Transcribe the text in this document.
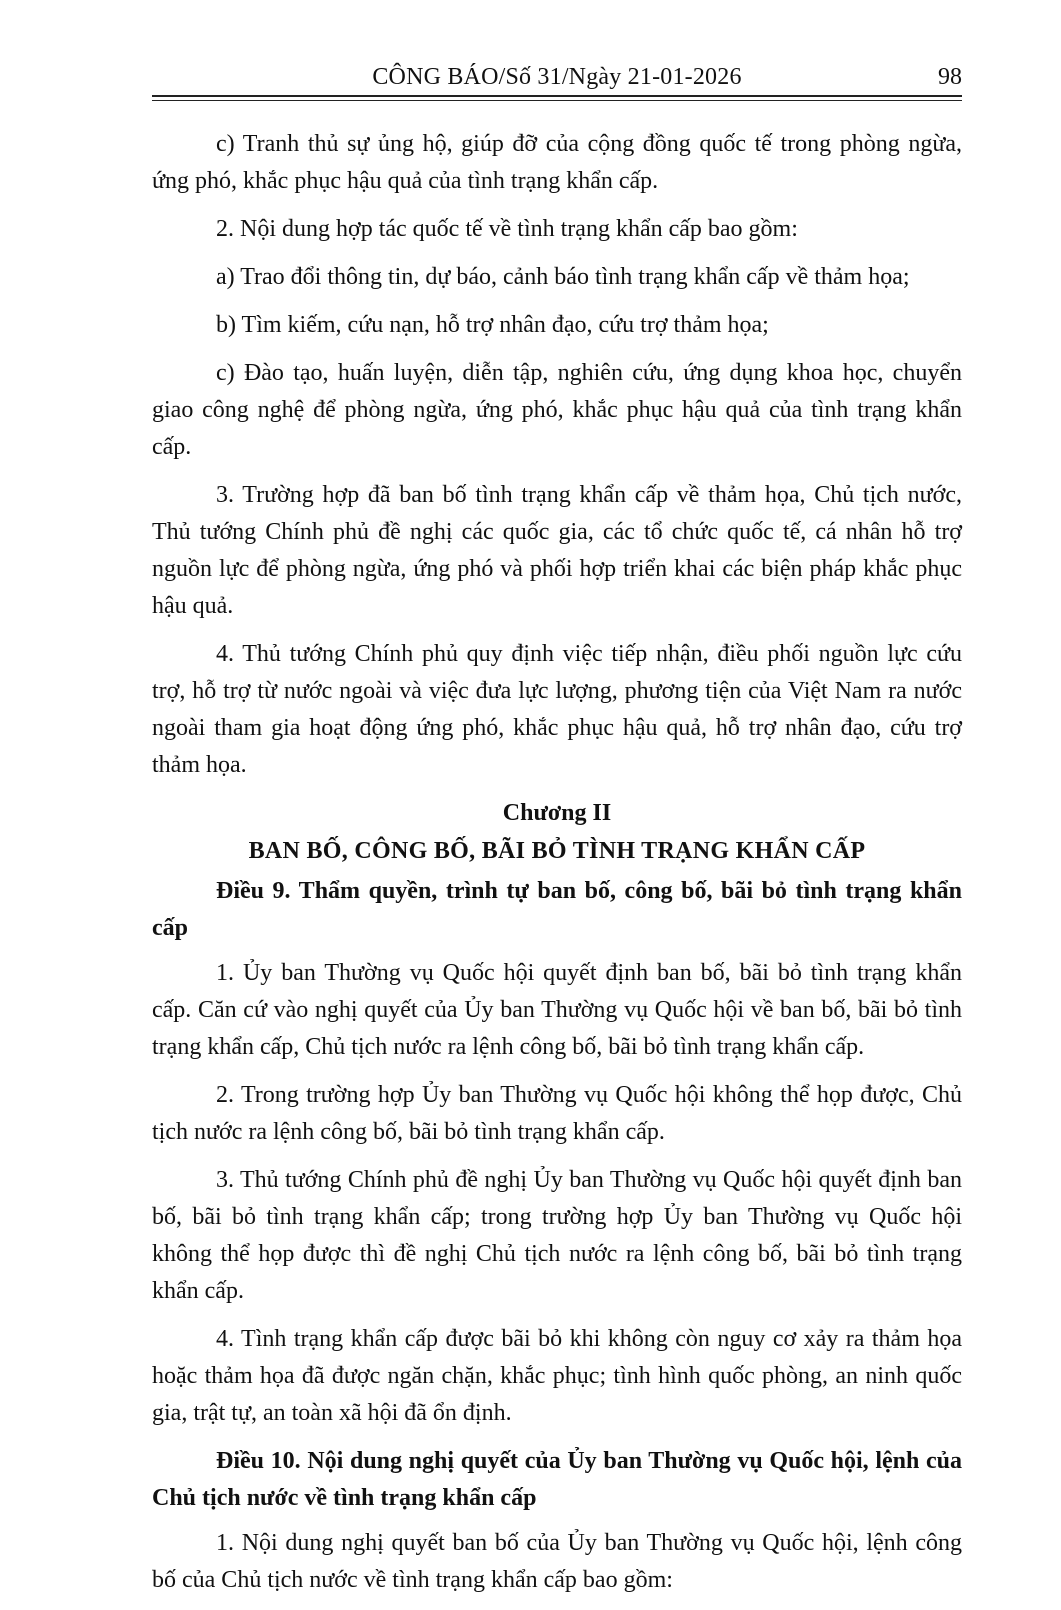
CÔNG BÁO/Số 31/Ngày 21-01-2026	98

c) Tranh thủ sự ủng hộ, giúp đỡ của cộng đồng quốc tế trong phòng ngừa, ứng phó, khắc phục hậu quả của tình trạng khẩn cấp.

2. Nội dung hợp tác quốc tế về tình trạng khẩn cấp bao gồm:

a) Trao đổi thông tin, dự báo, cảnh báo tình trạng khẩn cấp về thảm họa;

b) Tìm kiếm, cứu nạn, hỗ trợ nhân đạo, cứu trợ thảm họa;

c) Đào tạo, huấn luyện, diễn tập, nghiên cứu, ứng dụng khoa học, chuyển giao công nghệ để phòng ngừa, ứng phó, khắc phục hậu quả của tình trạng khẩn cấp.

3. Trường hợp đã ban bố tình trạng khẩn cấp về thảm họa, Chủ tịch nước, Thủ tướng Chính phủ đề nghị các quốc gia, các tổ chức quốc tế, cá nhân hỗ trợ nguồn lực để phòng ngừa, ứng phó và phối hợp triển khai các biện pháp khắc phục hậu quả.

4. Thủ tướng Chính phủ quy định việc tiếp nhận, điều phối nguồn lực cứu trợ, hỗ trợ từ nước ngoài và việc đưa lực lượng, phương tiện của Việt Nam ra nước ngoài tham gia hoạt động ứng phó, khắc phục hậu quả, hỗ trợ nhân đạo, cứu trợ thảm họa.

Chương II
BAN BỐ, CÔNG BỐ, BÃI BỎ TÌNH TRẠNG KHẨN CẤP
Điều 9. Thẩm quyền, trình tự ban bố, công bố, bãi bỏ tình trạng khẩn cấp

1. Ủy ban Thường vụ Quốc hội quyết định ban bố, bãi bỏ tình trạng khẩn cấp. Căn cứ vào nghị quyết của Ủy ban Thường vụ Quốc hội về ban bố, bãi bỏ tình trạng khẩn cấp, Chủ tịch nước ra lệnh công bố, bãi bỏ tình trạng khẩn cấp.

2. Trong trường hợp Ủy ban Thường vụ Quốc hội không thể họp được, Chủ tịch nước ra lệnh công bố, bãi bỏ tình trạng khẩn cấp.

3. Thủ tướng Chính phủ đề nghị Ủy ban Thường vụ Quốc hội quyết định ban bố, bãi bỏ tình trạng khẩn cấp; trong trường hợp Ủy ban Thường vụ Quốc hội không thể họp được thì đề nghị Chủ tịch nước ra lệnh công bố, bãi bỏ tình trạng khẩn cấp.

4. Tình trạng khẩn cấp được bãi bỏ khi không còn nguy cơ xảy ra thảm họa hoặc thảm họa đã được ngăn chặn, khắc phục; tình hình quốc phòng, an ninh quốc gia, trật tự, an toàn xã hội đã ổn định.

Điều 10. Nội dung nghị quyết của Ủy ban Thường vụ Quốc hội, lệnh của Chủ tịch nước về tình trạng khẩn cấp

1. Nội dung nghị quyết ban bố của Ủy ban Thường vụ Quốc hội, lệnh công bố của Chủ tịch nước về tình trạng khẩn cấp bao gồm:
